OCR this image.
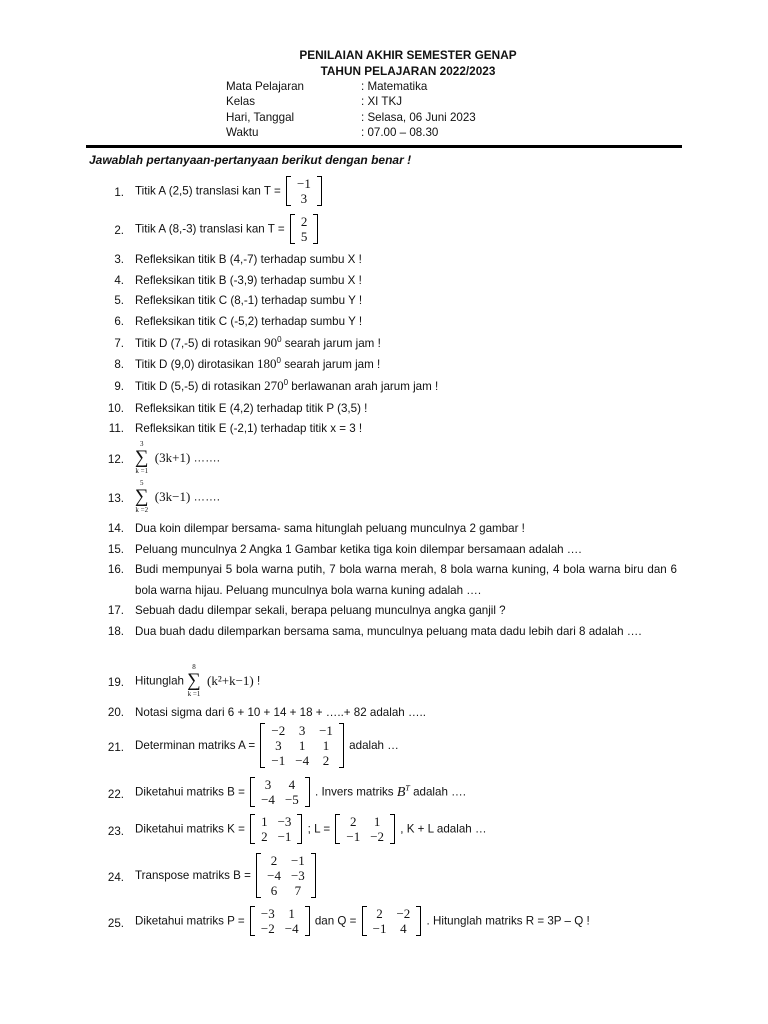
PENILAIAN AKHIR SEMESTER GENAP
TAHUN PELAJARAN 2022/2023
Mata Pelajaran	: Matematika
Kelas	: XI TKJ
Hari, Tanggal	: Selasa, 06 Juni 2023
Waktu	: 07.00 – 08.30
Jawablah pertanyaan-pertanyaan berikut dengan benar !
1. Titik A (2,5) translasi kan T = −1
3
2. Titik A (8,-3) translasi kan T = 2
5
3. Refleksikan titik B (4,-7) terhadap sumbu X !
4. Refleksikan titik B (-3,9) terhadap sumbu X !
5. Refleksikan titik C (8,-1) terhadap sumbu Y !
6. Refleksikan titik C (-5,2) terhadap sumbu Y !
7. Titik D (7,-5) di rotasikan $90^0$ searah jarum jam !
8. Titik D (9,0) dirotasikan $180^0$ searah jarum jam !
9. Titik D (5,-5) di rotasikan $270^0$ berlawanan arah jarum jam !
10. Refleksikan titik E (4,2) terhadap titik P (3,5) !
11. Refleksikan titik E (-2,1) terhadap titik x = 3 !
12.
3
∑
k =1
(3k+1) …….
13.
5
∑
k =2
(3k−1) …….
14. Dua koin dilempar bersama- sama hitunglah peluang munculnya 2 gambar !
15. Peluang munculnya 2 Angka 1 Gambar ketika tiga koin dilempar bersamaan adalah ….
16. Budi mempunyai 5 bola warna putih, 7 bola warna merah, 8 bola warna kuning, 4 bola warna biru dan 6 bola warna hijau. Peluang munculnya bola warna kuning adalah ….
17. Sebuah dadu dilempar sekali, berapa peluang munculnya angka ganjil ?
18. Dua buah dadu dilemparkan bersama sama, munculnya peluang mata dadu lebih dari 8 adalah ….
19. Hitunglah
8
∑
k =1
(k²+k−1) !
20. Notasi sigma dari 6 + 10 + 14 + 18 + …..+ 82 adalah …..
21. Determinan matriks A =
−2	3	−1
3	1	1
−1	−4	2
adalah …
22. Diketahui matriks B = 3	4
−4	−5 . Invers matriks $B^T$ adalah ….
23. Diketahui matriks K = 1	−3
2	−1 ; L = 2	1
−1	−2 , K + L adalah …
24. Transpose matriks B =
2	−1
−4	−3
6	7
25. Diketahui matriks P = −3	1
−2	−4 dan Q = 2	−2
−1	4 . Hitunglah matriks R = 3P – Q !
